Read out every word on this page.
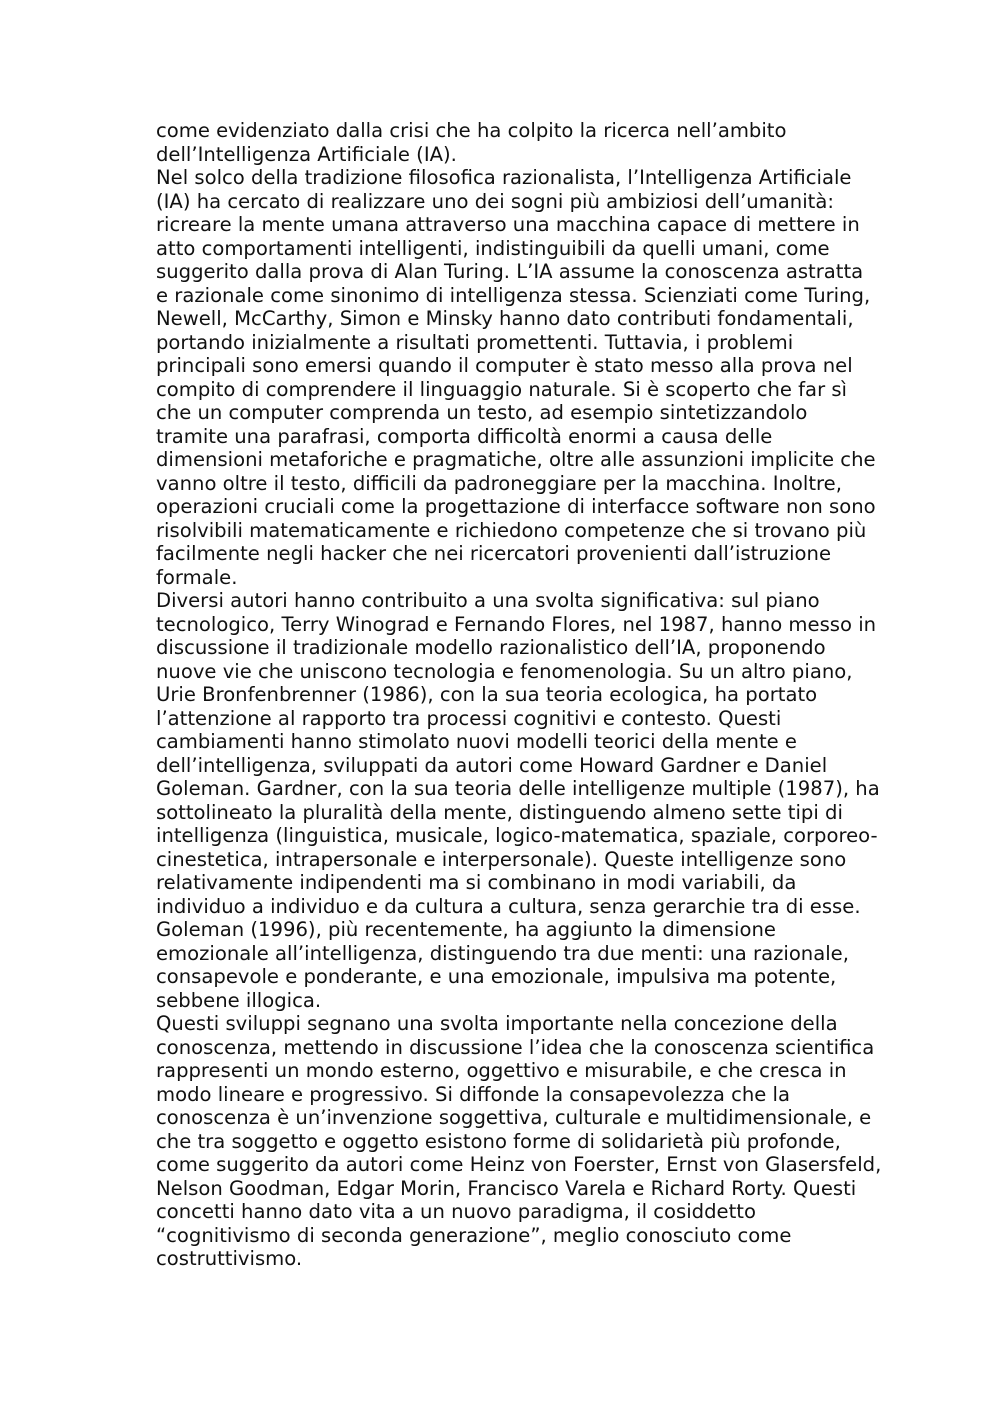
come evidenziato dalla crisi che ha colpito la ricerca nell’ambito
dell’Intelligenza Artificiale (IA).
Nel solco della tradizione filosofica razionalista, l’Intelligenza Artificiale
(IA) ha cercato di realizzare uno dei sogni più ambiziosi dell’umanità:
ricreare la mente umana attraverso una macchina capace di mettere in
atto comportamenti intelligenti, indistinguibili da quelli umani, come
suggerito dalla prova di Alan Turing. L’IA assume la conoscenza astratta
e razionale come sinonimo di intelligenza stessa. Scienziati come Turing,
Newell, McCarthy, Simon e Minsky hanno dato contributi fondamentali,
portando inizialmente a risultati promettenti. Tuttavia, i problemi
principali sono emersi quando il computer è stato messo alla prova nel
compito di comprendere il linguaggio naturale. Si è scoperto che far sì
che un computer comprenda un testo, ad esempio sintetizzandolo
tramite una parafrasi, comporta difficoltà enormi a causa delle
dimensioni metaforiche e pragmatiche, oltre alle assunzioni implicite che
vanno oltre il testo, difficili da padroneggiare per la macchina. Inoltre,
operazioni cruciali come la progettazione di interfacce software non sono
risolvibili matematicamente e richiedono competenze che si trovano più
facilmente negli hacker che nei ricercatori provenienti dall’istruzione
formale.
Diversi autori hanno contribuito a una svolta significativa: sul piano
tecnologico, Terry Winograd e Fernando Flores, nel 1987, hanno messo in
discussione il tradizionale modello razionalistico dell’IA, proponendo
nuove vie che uniscono tecnologia e fenomenologia. Su un altro piano,
Urie Bronfenbrenner (1986), con la sua teoria ecologica, ha portato
l’attenzione al rapporto tra processi cognitivi e contesto. Questi
cambiamenti hanno stimolato nuovi modelli teorici della mente e
dell’intelligenza, sviluppati da autori come Howard Gardner e Daniel
Goleman. Gardner, con la sua teoria delle intelligenze multiple (1987), ha
sottolineato la pluralità della mente, distinguendo almeno sette tipi di
intelligenza (linguistica, musicale, logico-matematica, spaziale, corporeo-
cinestetica, intrapersonale e interpersonale). Queste intelligenze sono
relativamente indipendenti ma si combinano in modi variabili, da
individuo a individuo e da cultura a cultura, senza gerarchie tra di esse.
Goleman (1996), più recentemente, ha aggiunto la dimensione
emozionale all’intelligenza, distinguendo tra due menti: una razionale,
consapevole e ponderante, e una emozionale, impulsiva ma potente,
sebbene illogica.
Questi sviluppi segnano una svolta importante nella concezione della
conoscenza, mettendo in discussione l’idea che la conoscenza scientifica
rappresenti un mondo esterno, oggettivo e misurabile, e che cresca in
modo lineare e progressivo. Si diffonde la consapevolezza che la
conoscenza è un’invenzione soggettiva, culturale e multidimensionale, e
che tra soggetto e oggetto esistono forme di solidarietà più profonde,
come suggerito da autori come Heinz von Foerster, Ernst von Glasersfeld,
Nelson Goodman, Edgar Morin, Francisco Varela e Richard Rorty. Questi
concetti hanno dato vita a un nuovo paradigma, il cosiddetto
“cognitivismo di seconda generazione”, meglio conosciuto come
costruttivismo.
